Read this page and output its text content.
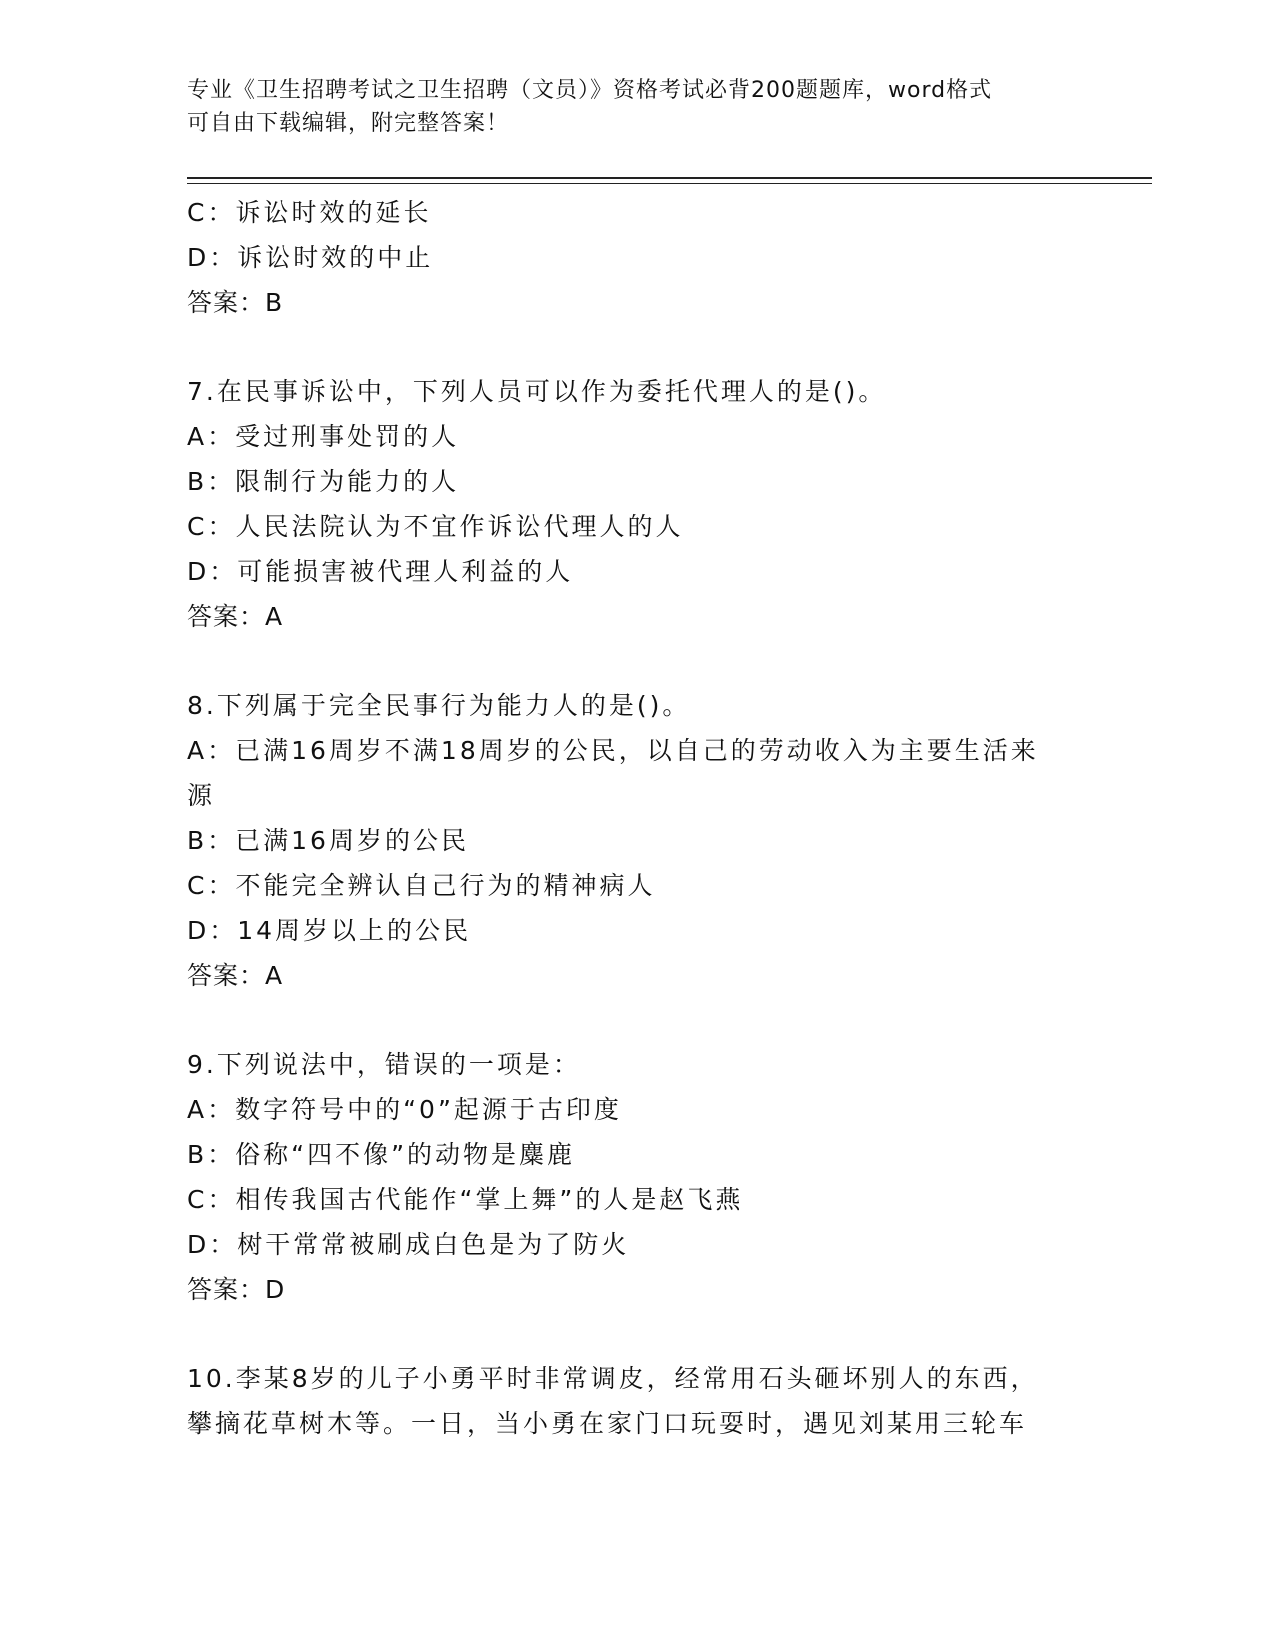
专业《卫生招聘考试之卫生招聘（文员）》资格考试必背200题题库，word格式
可自由下载编辑，附完整答案！
C：诉讼时效的延长
D：诉讼时效的中止
答案：B
7.在民事诉讼中，下列人员可以作为委托代理人的是()。
A：受过刑事处罚的人
B：限制行为能力的人
C：人民法院认为不宜作诉讼代理人的人
D：可能损害被代理人利益的人
答案：A
8.下列属于完全民事行为能力人的是()。
A：已满16周岁不满18周岁的公民，以自己的劳动收入为主要生活来
源
B：已满16周岁的公民
C：不能完全辨认自己行为的精神病人
D：14周岁以上的公民
答案：A
9.下列说法中，错误的一项是：
A：数字符号中的“0”起源于古印度
B：俗称“四不像”的动物是麋鹿
C：相传我国古代能作“掌上舞”的人是赵飞燕
D：树干常常被刷成白色是为了防火
答案：D
10.李某8岁的儿子小勇平时非常调皮，经常用石头砸坏别人的东西，
攀摘花草树木等。一日，当小勇在家门口玩耍时，遇见刘某用三轮车
